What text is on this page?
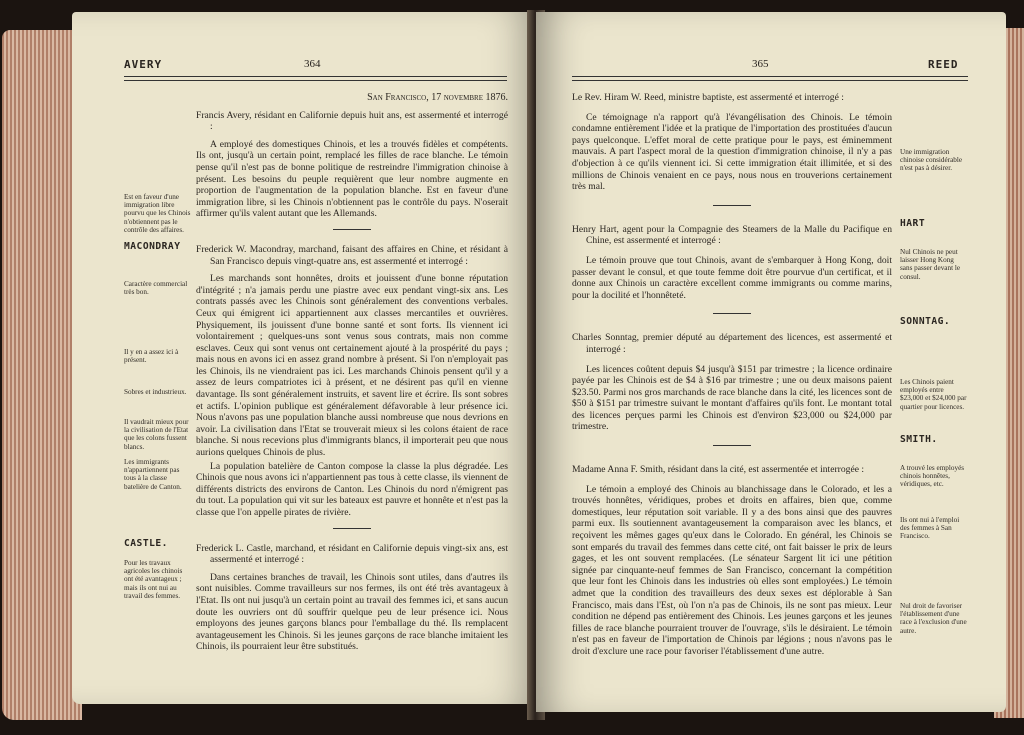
AVERY	364

San Francisco, 17 novembre 1876.

Francis Avery, résidant en Californie depuis huit ans, est assermenté et interrogé :

A employé des domestiques Chinois, et les a trouvés fidèles et compétents. Ils ont, jusqu'à un certain point, remplacé les filles de race blanche. Le témoin pense qu'il n'est pas de bonne politique de restreindre l'immigration chinoise à présent. Les besoins du peuple requièrent que leur nombre augmente en proportion de l'augmentation de la population blanche. Est en faveur d'une immigration libre, si les Chinois n'obtiennent pas le contrôle du pays. N'oserait affirmer qu'ils valent autant que les Allemands.

Frederick W. Macondray, marchand, faisant des affaires en Chine, et résidant à San Francisco depuis vingt-quatre ans, est assermenté et interrogé :

Les marchands sont honnêtes, droits et jouissent d'une bonne réputation d'intégrité ; n'a jamais perdu une piastre avec eux pendant vingt-six ans. Les contrats passés avec les Chinois sont généralement des conventions verbales. Ceux qui émigrent ici appartiennent aux classes mercantiles et ouvrières. Physiquement, ils jouissent d'une bonne santé et sont forts. Ils viennent ici volontairement ; quelques-uns sont venus sous contrats, mais non comme esclaves. Ceux qui sont venus ont certainement ajouté à la prospérité du pays ; mais nous en avons ici en assez grand nombre à présent. Si l'on n'employait pas les Chinois, ils ne viendraient pas ici. Les marchands Chinois pensent qu'il y a assez de leurs compatriotes ici à présent, et ne désirent pas qu'il en vienne davantage. Ils sont généralement instruits, et savent lire et écrire. Ils sont sobres et actifs. L'opinion publique est généralement défavorable à leur présence ici. Nous n'avons pas une population blanche aussi nombreuse que nous devrions en avoir. La civilisation dans l'Etat se trouverait mieux si les colons étaient de race blanche. Si nous recevions plus d'immigrants blancs, il importerait peu que nous aurions quelques Chinois de plus.

La population batelière de Canton compose la classe la plus dégradée. Les Chinois que nous avons ici n'appartiennent pas tous à cette classe, ils viennent de différents districts des environs de Canton. Les Chinois du nord n'émigrent pas du tout. La population qui vit sur les bateaux est pauvre et honnête et n'est pas la classe que l'on appelle pirates de rivière.

Frederick L. Castle, marchand, et résidant en Californie depuis vingt-six ans, est assermenté et interrogé :

Dans certaines branches de travail, les Chinois sont utiles, dans d'autres ils sont nuisibles. Comme travailleurs sur nos fermes, ils ont été très avantageux à l'Etat. Ils ont nui jusqu'à un certain point au travail des femmes ici, et sans aucun doute les ouvriers ont dû souffrir quelque peu de leur présence ici. Nous employons des jeunes garçons blancs pour l'emballage du thé. Ils remplacent avantageusement les Chinois. Si les jeunes garçons de race blanche imitaient les Chinois, ils pourraient leur être substitués.

MACONDRAY
CASTLE.
Est en faveur d'une immigration libre pourvu que les Chinois n'obtiennent pas le contrôle des affaires.
Caractère commercial très bon.
Il y en a assez ici à présent.
Sobres et industrieux.
Il vaudrait mieux pour la civilisation de l'Etat que les colons fussent blancs.
Les immigrants n'appartiennent pas tous à la classe batelière de Canton.
Pour les travaux agricoles les chinois ont été avantageux ; mais ils ont nui au travail des femmes.
365	REED

Le Rev. Hiram W. Reed, ministre baptiste, est assermenté et interrogé :

Ce témoignage n'a rapport qu'à l'évangélisation des Chinois. Le témoin condamne entièrement l'idée et la pratique de l'importation des prostituées d'aucun pays quelconque. L'effet moral de cette pratique pour le pays, est éminemment mauvais. A part l'aspect moral de la question d'immigration chinoise, il n'y a pas d'objection à ce qu'ils viennent ici. Si cette immigration était illimitée, et si des millions de Chinois venaient en ce pays, nous nous en trouverions certainement très mal.

Henry Hart, agent pour la Compagnie des Steamers de la Malle du Pacifique en Chine, est assermenté et interrogé :

Le témoin prouve que tout Chinois, avant de s'embarquer à Hong Kong, doit passer devant le consul, et que toute femme doit être pourvue d'un certificat, et il donne aux Chinois un caractère excellent comme immigrants ou comme marins, pour la docilité et l'honnêteté.

Charles Sonntag, premier député au département des licences, est assermenté et interrogé :

Les licences coûtent depuis $4 jusqu'à $151 par trimestre ; la licence ordinaire payée par les Chinois est de $4 à $16 par trimestre ; une ou deux maisons paient $23.50. Parmi nos gros marchands de race blanche dans la cité, les licences sont de $50 à $151 par trimestre suivant le montant d'affaires qu'ils font. Le montant total des licences perçues parmi les Chinois est d'environ $23,000 ou $24,000 par trimestre.

Madame Anna F. Smith, résidant dans la cité, est assermentée et interrogée :

Le témoin a employé des Chinois au blanchissage dans le Colorado, et les a trouvés honnêtes, véridiques, probes et droits en affaires, bien que, comme domestiques, leur réputation soit variable. Il y a des bons ainsi que des pauvres parmi eux. Ils soutiennent avantageusement la comparaison avec les blancs, et reçoivent les mêmes gages qu'eux dans le Colorado. En général, les Chinois se sont emparés du travail des femmes dans cette cité, ont fait baisser le prix de leurs gages, et les ont souvent remplacées. (Le sénateur Sargent lit ici une pétition signée par cinquante-neuf femmes de San Francisco, concernant la compétition que leur font les Chinois dans les industries où elles sont employées.) Le témoin admet que la condition des travailleurs des deux sexes est déplorable à San Francisco, mais dans l'Est, où l'on n'a pas de Chinois, ils ne sont pas mieux. Leur condition ne dépend pas entièrement des Chinois. Les jeunes garçons et les jeunes filles de race blanche pourraient trouver de l'ouvrage, s'ils le désiraient. Le témoin n'est pas en faveur de l'importation de Chinois par légions ; nous n'avons pas le droit d'exclure une race pour favoriser l'établissement d'une autre.

HART
SONNTAG.
SMITH.
Une immigration chinoise considérable n'est pas à désirer.
Nul Chinois ne peut laisser Hong Kong sans passer devant le consul.
Les Chinois paient employés entre $23,000 et $24,000 par quartier pour licences.
A trouvé les employés chinois honnêtes, véridiques, etc.
Ils ont nui à l'emploi des femmes à San Francisco.
Nul droit de favoriser l'établissement d'une race à l'exclusion d'une autre.
